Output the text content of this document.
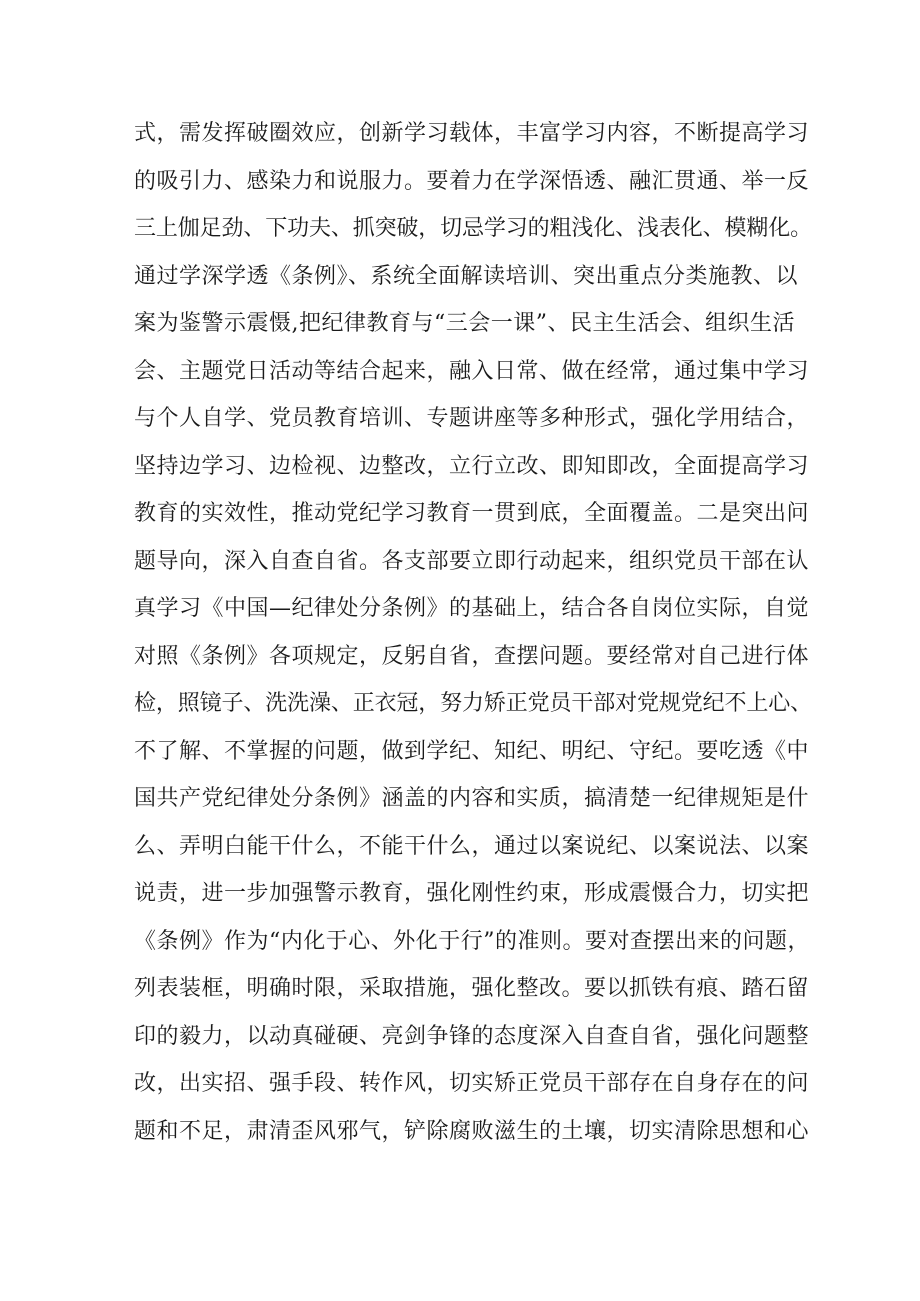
式，需发挥破圈效应，创新学习载体，丰富学习内容，不断提高学习
的吸引力、感染力和说服力。要着力在学深悟透、融汇贯通、举一反
三上伽足劲、下功夫、抓突破，切忌学习的粗浅化、浅表化、模糊化。
通过学深学透《条例》、系统全面解读培训、突出重点分类施教、以
案为鉴警示震慑,把纪律教育与“三会一课”、民主生活会、组织生活
会、主题党日活动等结合起来，融入日常、做在经常，通过集中学习
与个人自学、党员教育培训、专题讲座等多种形式，强化学用结合，
坚持边学习、边检视、边整改，立行立改、即知即改，全面提高学习
教育的实效性，推动党纪学习教育一贯到底，全面覆盖。二是突出问
题导向，深入自查自省。各支部要立即行动起来，组织党员干部在认
真学习《中国—纪律处分条例》的基础上，结合各自岗位实际，自觉
对照《条例》各项规定，反躬自省，查摆问题。要经常对自己进行体
检，照镜子、洗洗澡、正衣冠，努力矫正党员干部对党规党纪不上心、
不了解、不掌握的问题，做到学纪、知纪、明纪、守纪。要吃透《中
国共产党纪律处分条例》涵盖的内容和实质，搞清楚一纪律规矩是什
么、弄明白能干什么，不能干什么，通过以案说纪、以案说法、以案
说责，进一步加强警示教育，强化刚性约束，形成震慑合力，切实把
《条例》作为“内化于心、外化于行”的准则。要对查摆出来的问题，
列表装框，明确时限，采取措施，强化整改。要以抓铁有痕、踏石留
印的毅力，以动真碰硬、亮剑争锋的态度深入自查自省，强化问题整
改，出实招、强手段、转作风，切实矫正党员干部存在自身存在的问
题和不足，肃清歪风邪气，铲除腐败滋生的土壤，切实清除思想和心
